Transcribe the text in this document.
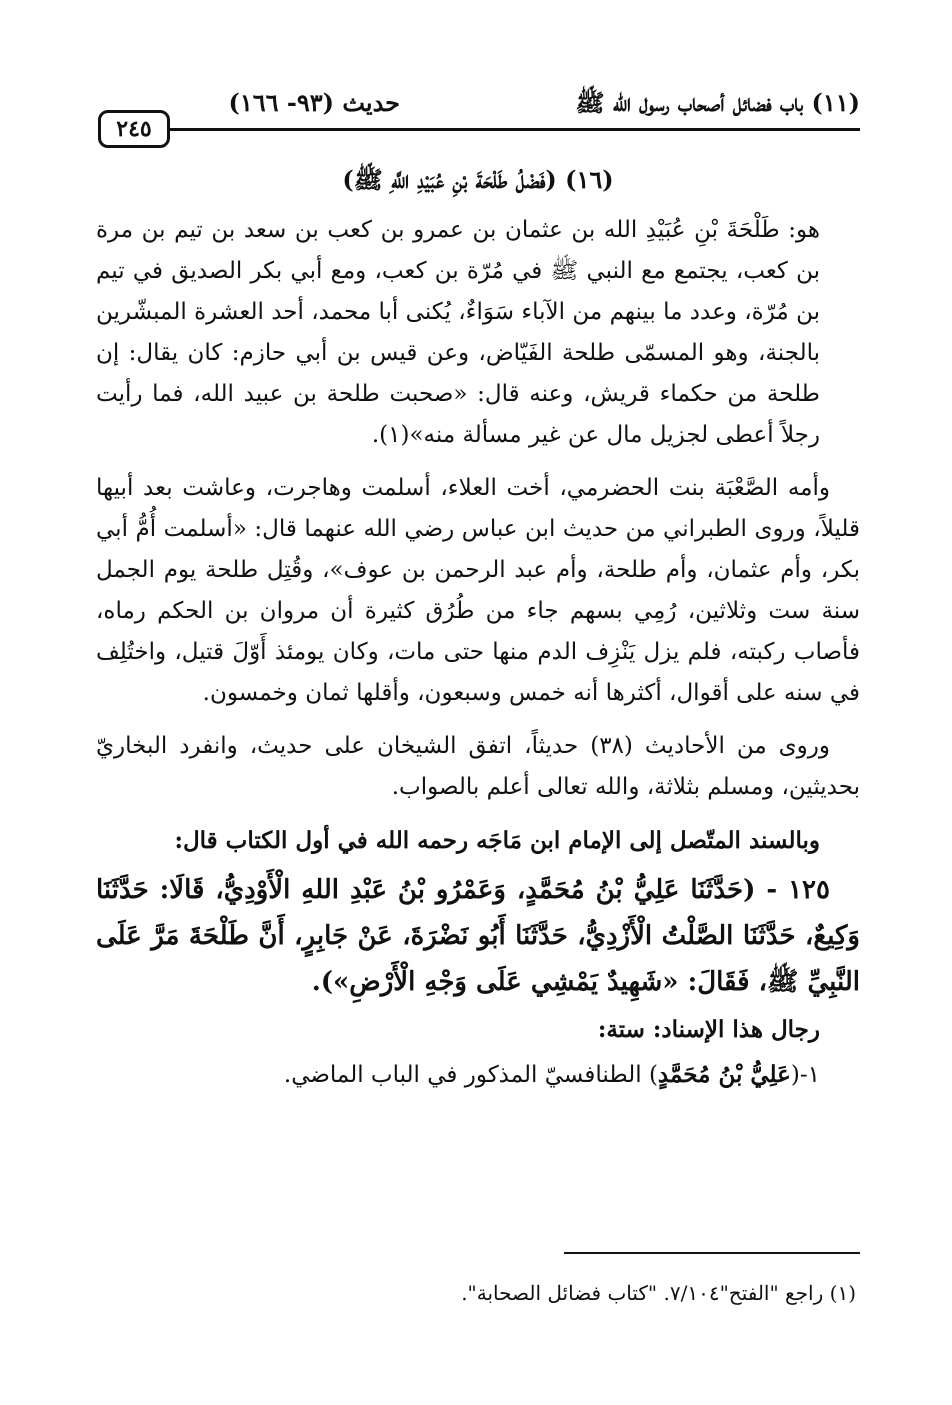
(١١) باب فضائل أصحاب رسول الله ﷺ
حديث (٩٣- ١٦٦)
٢٤٥
(١٦) (فَضْلُ طَلْحَةَ بْنِ عُبَيْدِ اللَّهِ ﷺ)

هو: طَلْحَةَ بْنِ عُبَيْدِ الله بن عثمان بن عمرو بن كعب بن سعد بن تيم بن مرة بن كعب، يجتمع مع النبي ﷺ في مُرّة بن كعب، ومع أبي بكر الصديق في تيم بن مُرّة، وعدد ما بينهم من الآباء سَوَاءٌ، يُكنى أبا محمد، أحد العشرة المبشّرين بالجنة، وهو المسمّى طلحة الفَيّاض، وعن قيس بن أبي حازم: كان يقال: إن طلحة من حكماء قريش، وعنه قال: «صحبت طلحة بن عبيد الله، فما رأيت رجلاً أعطى لجزيل مال عن غير مسألة منه»(١).

وأمه الصَّعْبَة بنت الحضرمي، أخت العلاء، أسلمت وهاجرت، وعاشت بعد أبيها قليلاً، وروى الطبراني من حديث ابن عباس رضي الله عنهما قال: «أسلمت أُمُّ أبي بكر، وأم عثمان، وأم طلحة، وأم عبد الرحمن بن عوف»، وقُتِل طلحة يوم الجمل سنة ست وثلاثين، رُمِي بسهم جاء من طُرُق كثيرة أن مروان بن الحكم رماه، فأصاب ركبته، فلم يزل يَنْزِف الدم منها حتى مات، وكان يومئذ أَوّلَ قتيل، واختُلِف في سنه على أقوال، أكثرها أنه خمس وسبعون، وأقلها ثمان وخمسون.

وروى من الأحاديث (٣٨) حديثاً، اتفق الشيخان على حديث، وانفرد البخاريّ بحديثين، ومسلم بثلاثة، والله تعالى أعلم بالصواب.

وبالسند المتّصل إلى الإمام ابن مَاجَه رحمه الله في أول الكتاب قال:

١٢٥ - (حَدَّثَنَا عَلِيُّ بْنُ مُحَمَّدٍ، وَعَمْرُو بْنُ عَبْدِ اللهِ الْأَوْدِيُّ، قَالَا: حَدَّثَنَا وَكِيعٌ، حَدَّثَنَا الصَّلْتُ الْأَزْدِيُّ، حَدَّثَنَا أَبُو نَضْرَةَ، عَنْ جَابِرٍ، أَنَّ طَلْحَةَ مَرَّ عَلَى النَّبِيِّ ﷺ، فَقَالَ: «شَهِيدٌ يَمْشِي عَلَى وَجْهِ الْأَرْضِ»).

رجال هذا الإسناد: ستة:

١-(عَلِيُّ بْنُ مُحَمَّدٍ) الطنافسيّ المذكور في الباب الماضي.

(١) راجع "الفتح"٧/١٠٤. "كتاب فضائل الصحابة".
